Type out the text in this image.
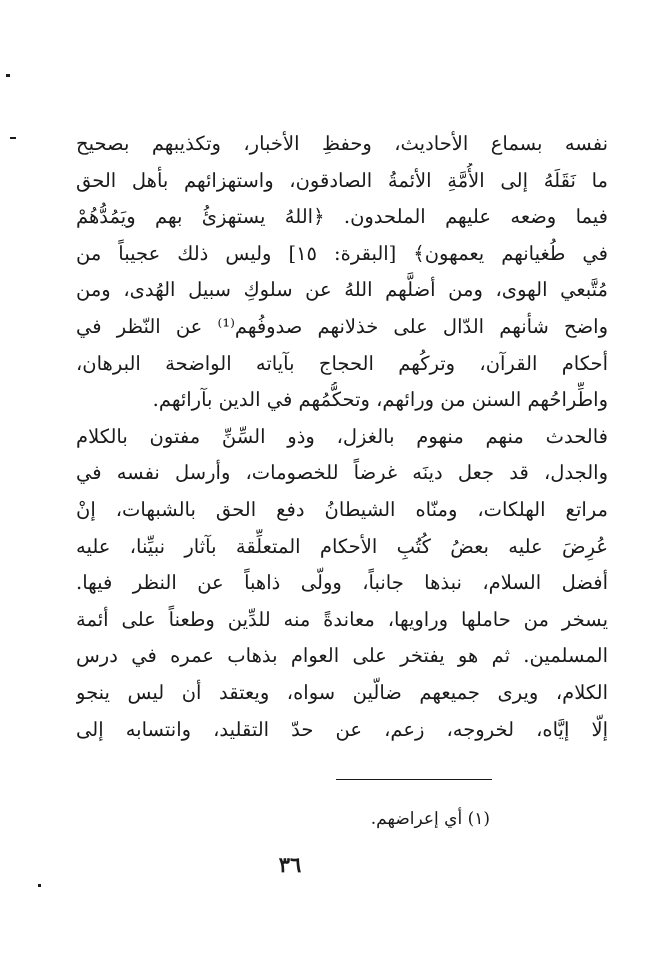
نفسه بسماع الأحاديث، وحفظِ الأخبار، وتكذيبهم بصحيح
ما نَقَلَهُ إلى الأُمَّةِ الأئمةُ الصادقون، واستهزائهم بأهل الحق
فيما وضعه عليهم الملحدون. ﴿اللهُ يستهزئُ بهم ويَمُدُّهُمْ
في طُغيانهم يعمهون﴾ [البقرة: ١٥] وليس ذلك عجيباً من
مُتَّبعي الهوى، ومن أضلَّهم اللهُ عن سلوكِ سبيل الهُدى، ومن
واضح شأنهم الدّال على خذلانهم صدوفُهم⁽¹⁾ عن النّظر في
أحكام القرآن، وتركُهم الحجاج بآياته الواضحة البرهان،
واطِّراحُهم السنن من ورائهم، وتحكُّمُهم في الدين بآرائهم.
فالحدث منهم منهوم بالغزل، وذو السِّنِّ مفتون بالكلام
والجدل، قد جعل دينَه غرضاً للخصومات، وأرسل نفسه في
مراتع الهلكات، ومنّاه الشيطانُ دفع الحق بالشبهات، إنْ
عُرِضَ عليه بعضُ كُتُبِ الأحكام المتعلِّقة بآثار نبيِّنا، عليه
أفضل السلام، نبذها جانباً، وولّى ذاهباً عن النظر فيها.
يسخر من حاملها وراويها، معاندةً منه للدِّين وطعناً على أئمة
المسلمين. ثم هو يفتخر على العوام بذهاب عمره في درس
الكلام، ويرى جميعهم ضالّين سواه، ويعتقد أن ليس ينجو
إلّا إيَّاه، لخروجه، زعم، عن حدّ التقليد، وانتسابه إلى
(١) أي إعراضهم.
٣٦
